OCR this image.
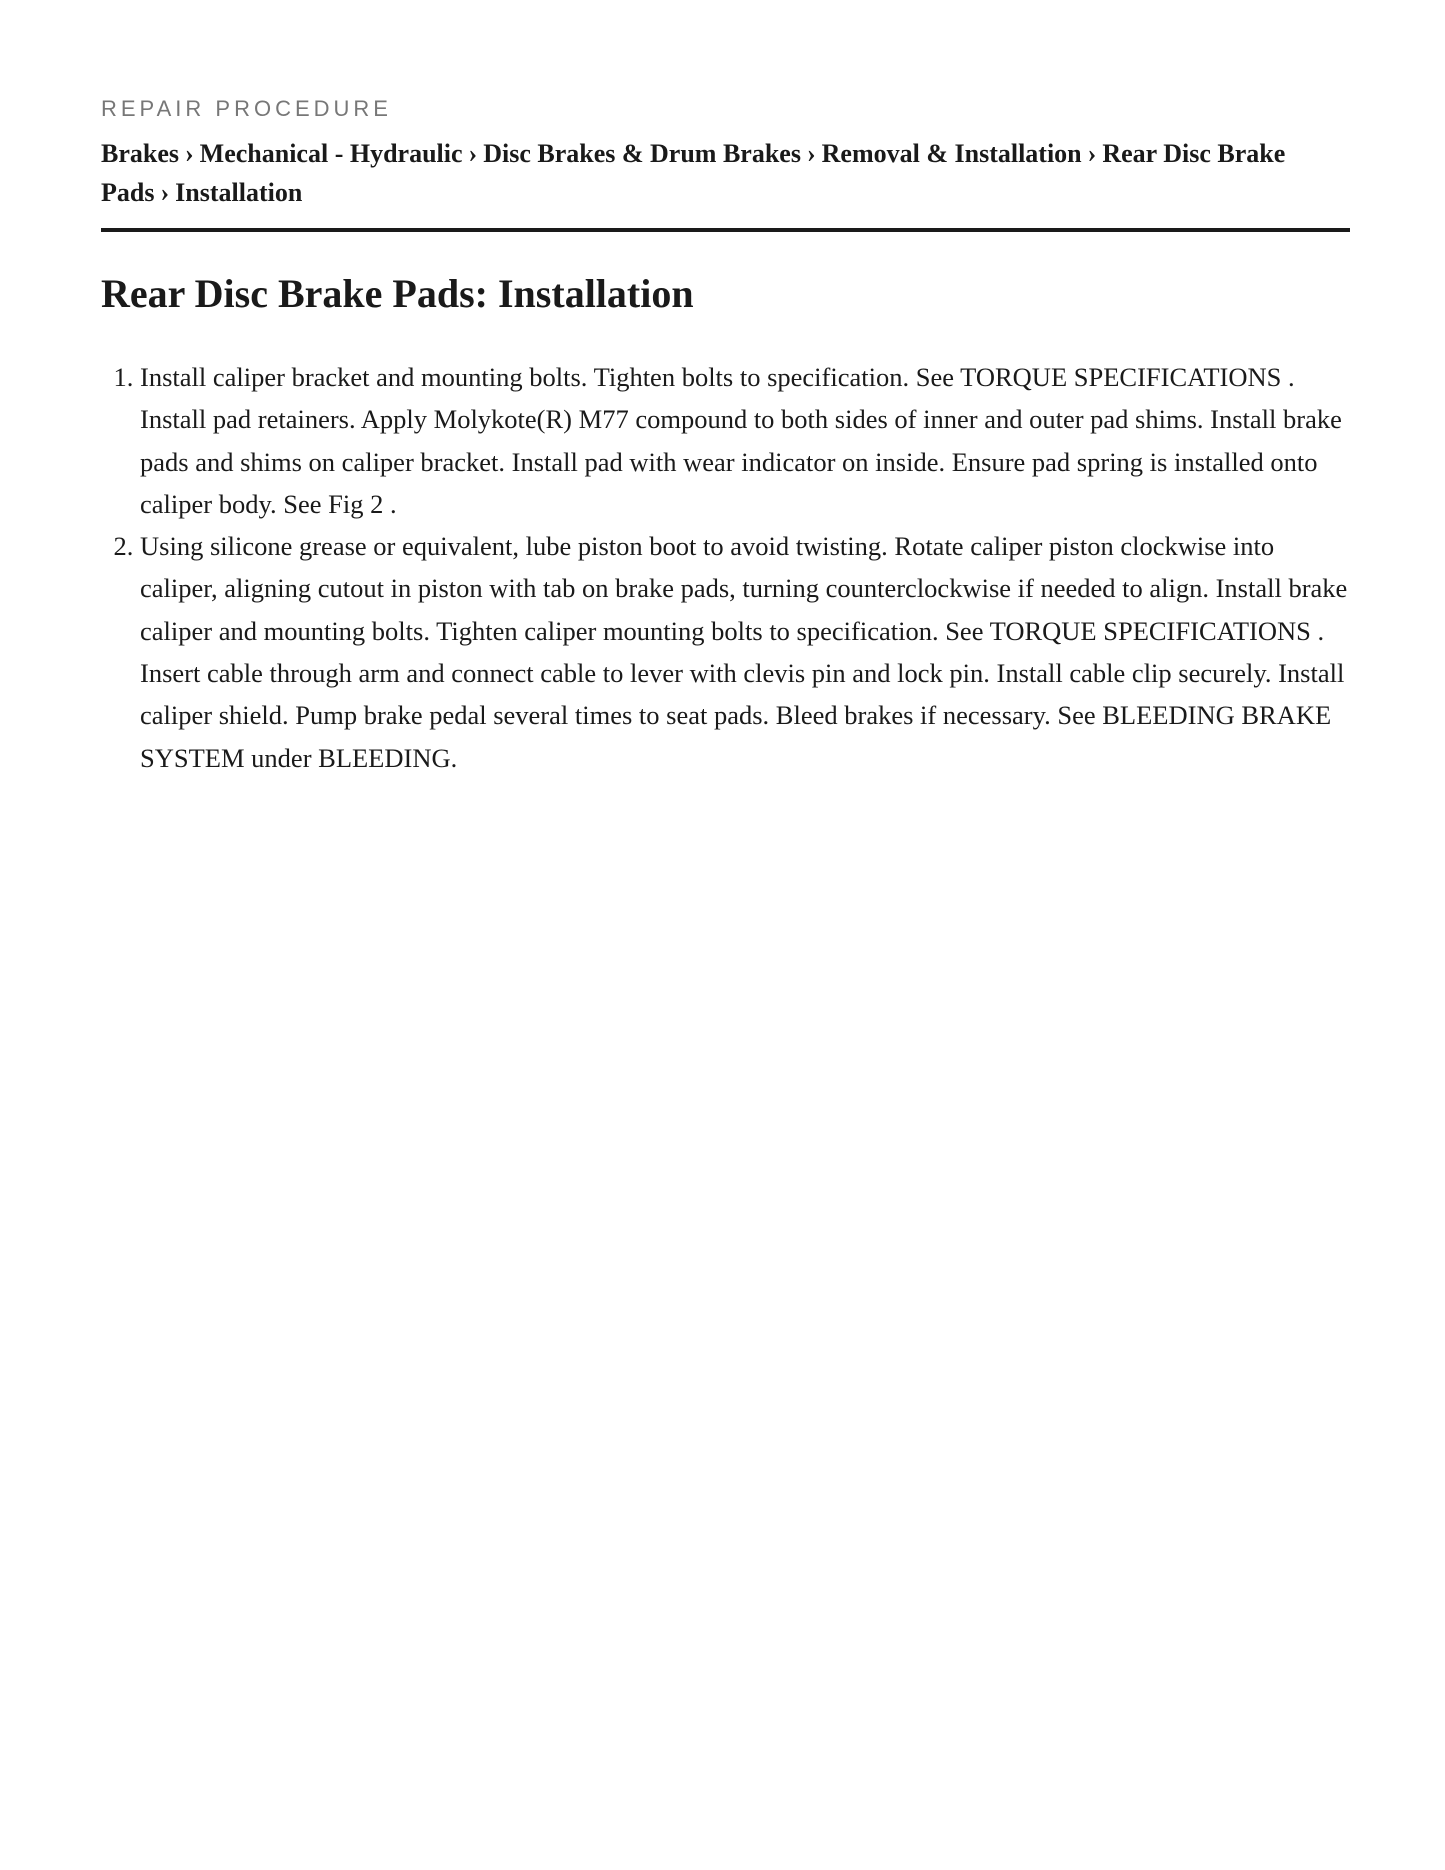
REPAIR PROCEDURE

Brakes › Mechanical - Hydraulic › Disc Brakes & Drum Brakes › Removal & Installation › Rear Disc Brake Pads › Installation
Rear Disc Brake Pads: Installation
1. Install caliper bracket and mounting bolts. Tighten bolts to specification. See TORQUE SPECIFICATIONS . Install pad retainers. Apply Molykote(R) M77 compound to both sides of inner and outer pad shims. Install brake pads and shims on caliper bracket. Install pad with wear indicator on inside. Ensure pad spring is installed onto caliper body. See Fig 2 .
2. Using silicone grease or equivalent, lube piston boot to avoid twisting. Rotate caliper piston clockwise into caliper, aligning cutout in piston with tab on brake pads, turning counterclockwise if needed to align. Install brake caliper and mounting bolts. Tighten caliper mounting bolts to specification. See TORQUE SPECIFICATIONS . Insert cable through arm and connect cable to lever with clevis pin and lock pin. Install cable clip securely. Install caliper shield. Pump brake pedal several times to seat pads. Bleed brakes if necessary. See BLEEDING BRAKE SYSTEM under BLEEDING.
